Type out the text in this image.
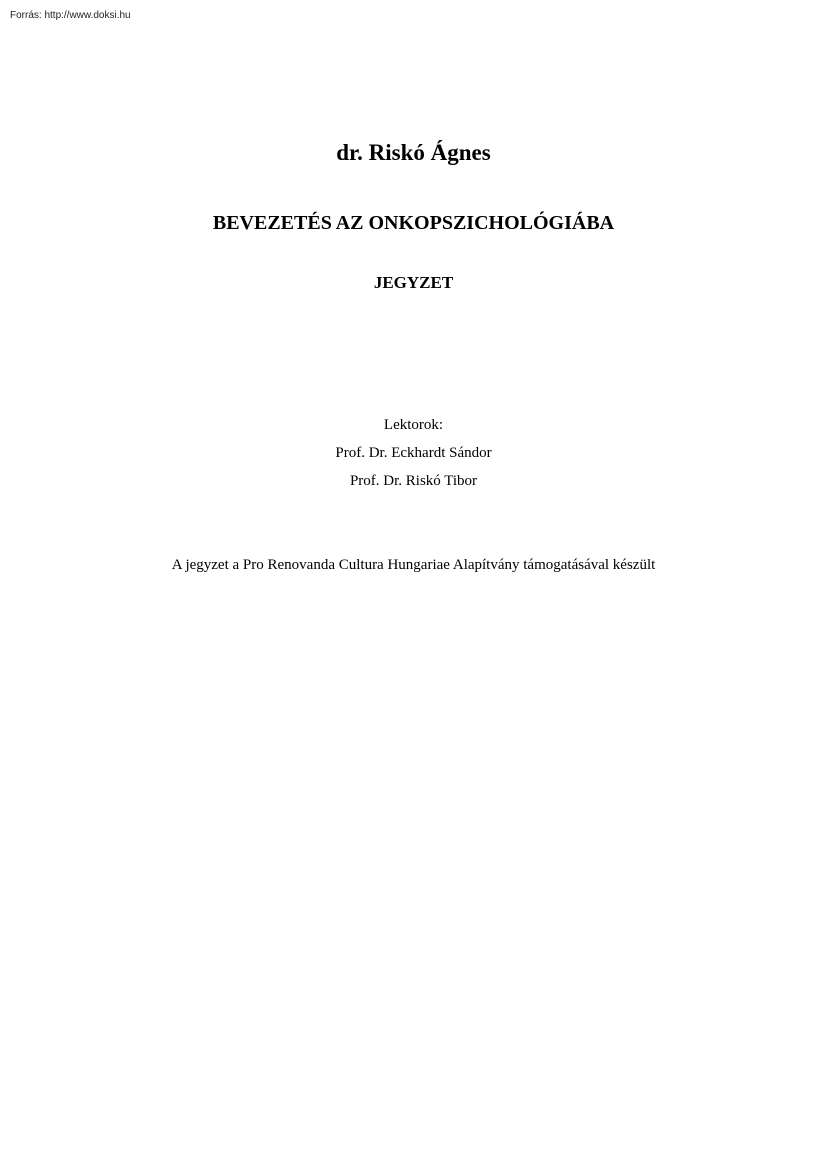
Forrás: http://www.doksi.hu
dr. Riskó Ágnes
BEVEZETÉS AZ ONKOPSZICHOLÓGIÁBA
JEGYZET
Lektorok:
Prof. Dr. Eckhardt Sándor
Prof. Dr. Riskó Tibor
A jegyzet a Pro Renovanda Cultura Hungariae Alapítvány támogatásával készült
